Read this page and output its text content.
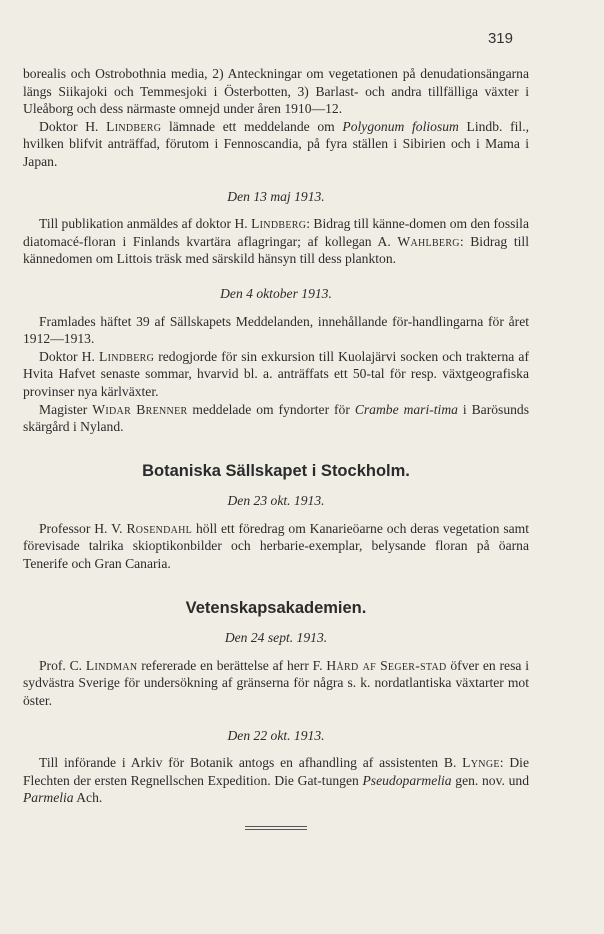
319

borealis och Ostrobothnia media, 2) Anteckningar om vegetationen på denudationsängarna längs Siikajoki och Temmesjoki i Österbotten, 3) Barlast- och andra tillfälliga växter i Uleåborg och dess närmaste omnejd under åren 1910—12.

Doktor H. Lindberg lämnade ett meddelande om Polygonum foliosum Lindb. fil., hvilken blifvit anträffad, förutom i Fennoscandia, på fyra ställen i Sibirien och i Mama i Japan.

Den 13 maj 1913.

Till publikation anmäldes af doktor H. Lindberg: Bidrag till känne-domen om den fossila diatomacé-floran i Finlands kvartära aflagringar; af kollegan A. Wahlberg: Bidrag till kännedomen om Littois träsk med särskild hänsyn till dess plankton.

Den 4 oktober 1913.

Framlades häftet 39 af Sällskapets Meddelanden, innehållande för-handlingarna för året 1912—1913.

Doktor H. Lindberg redogjorde för sin exkursion till Kuolajärvi socken och trakterna af Hvita Hafvet senaste sommar, hvarvid bl. a. anträffats ett 50-tal för resp. växtgeografiska provinser nya kärlväxter.

Magister Widar Brenner meddelade om fyndorter för Crambe mari-tima i Barösunds skärgård i Nyland.

Botaniska Sällskapet i Stockholm.

Den 23 okt. 1913.

Professor H. V. Rosendahl höll ett föredrag om Kanarieöarne och deras vegetation samt förevisade talrika skioptikonbilder och herbarie-exemplar, belysande floran på öarna Tenerife och Gran Canaria.

Vetenskapsakademien.

Den 24 sept. 1913.

Prof. C. Lindman refererade en berättelse af herr F. Hård af Seger-stad öfver en resa i sydvästra Sverige för undersökning af gränserna för några s. k. nordatlantiska växtarter mot öster.

Den 22 okt. 1913.

Till införande i Arkiv för Botanik antogs en afhandling af assistenten B. Lynge: Die Flechten der ersten Regnellschen Expedition. Die Gat-tungen Pseudoparmelia gen. nov. und Parmelia Ach.
